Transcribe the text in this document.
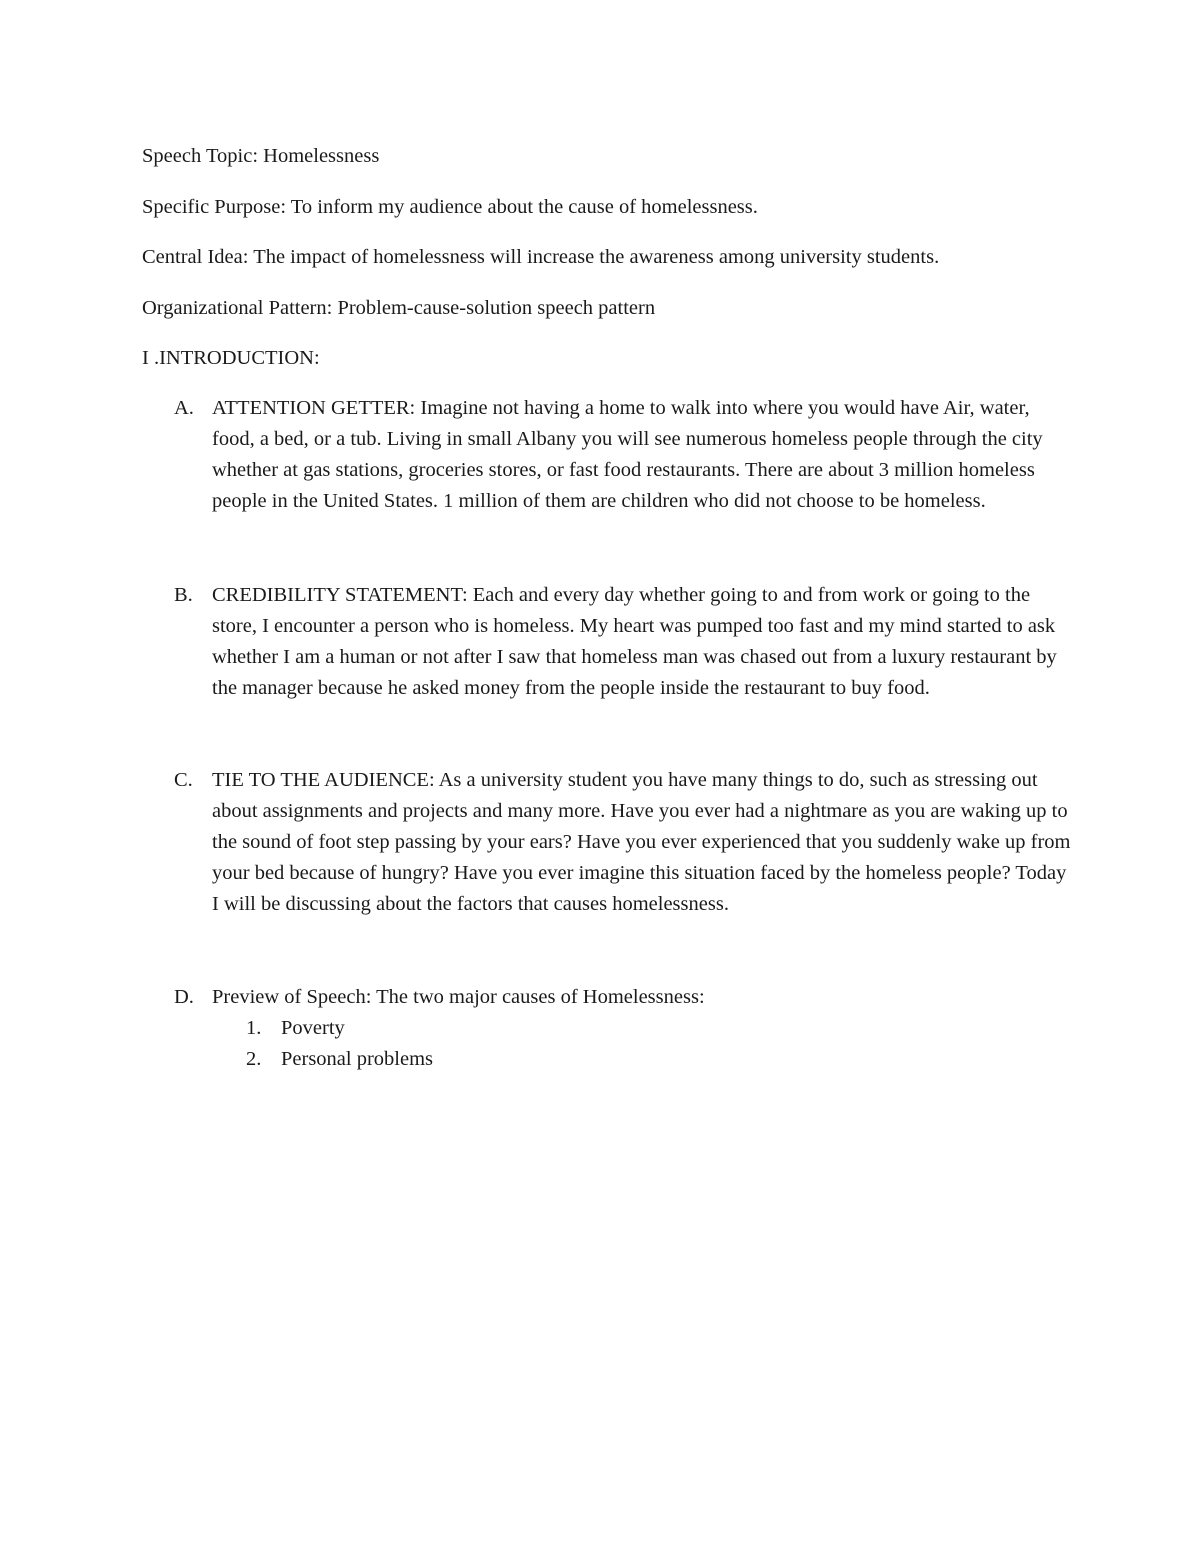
Speech Topic: Homelessness
Specific Purpose: To inform my audience about the cause of homelessness.
Central Idea: The impact of homelessness will increase the awareness among university students.
Organizational Pattern: Problem-cause-solution speech pattern
I .INTRODUCTION:
A. ATTENTION GETTER: Imagine not having a home to walk into where you would have Air, water, food, a bed, or a tub. Living in small Albany you will see numerous homeless people through the city whether at gas stations, groceries stores, or fast food restaurants. There are about 3 million homeless people in the United States. 1 million of them are children who did not choose to be homeless.
B. CREDIBILITY STATEMENT: Each and every day whether going to and from work or going to the store, I encounter a person who is homeless. My heart was pumped too fast and my mind started to ask whether I am a human or not after I saw that homeless man was chased out from a luxury restaurant by the manager because he asked money from the people inside the restaurant to buy food.
C. TIE TO THE AUDIENCE: As a university student you have many things to do, such as stressing out about assignments and projects and many more. Have you ever had a nightmare as you are waking up to the sound of foot step passing by your ears? Have you ever experienced that you suddenly wake up from your bed because of hungry? Have you ever imagine this situation faced by the homeless people? Today I will be discussing about the factors that causes homelessness.
D. Preview of Speech: The two major causes of Homelessness:
1. Poverty
2. Personal problems
